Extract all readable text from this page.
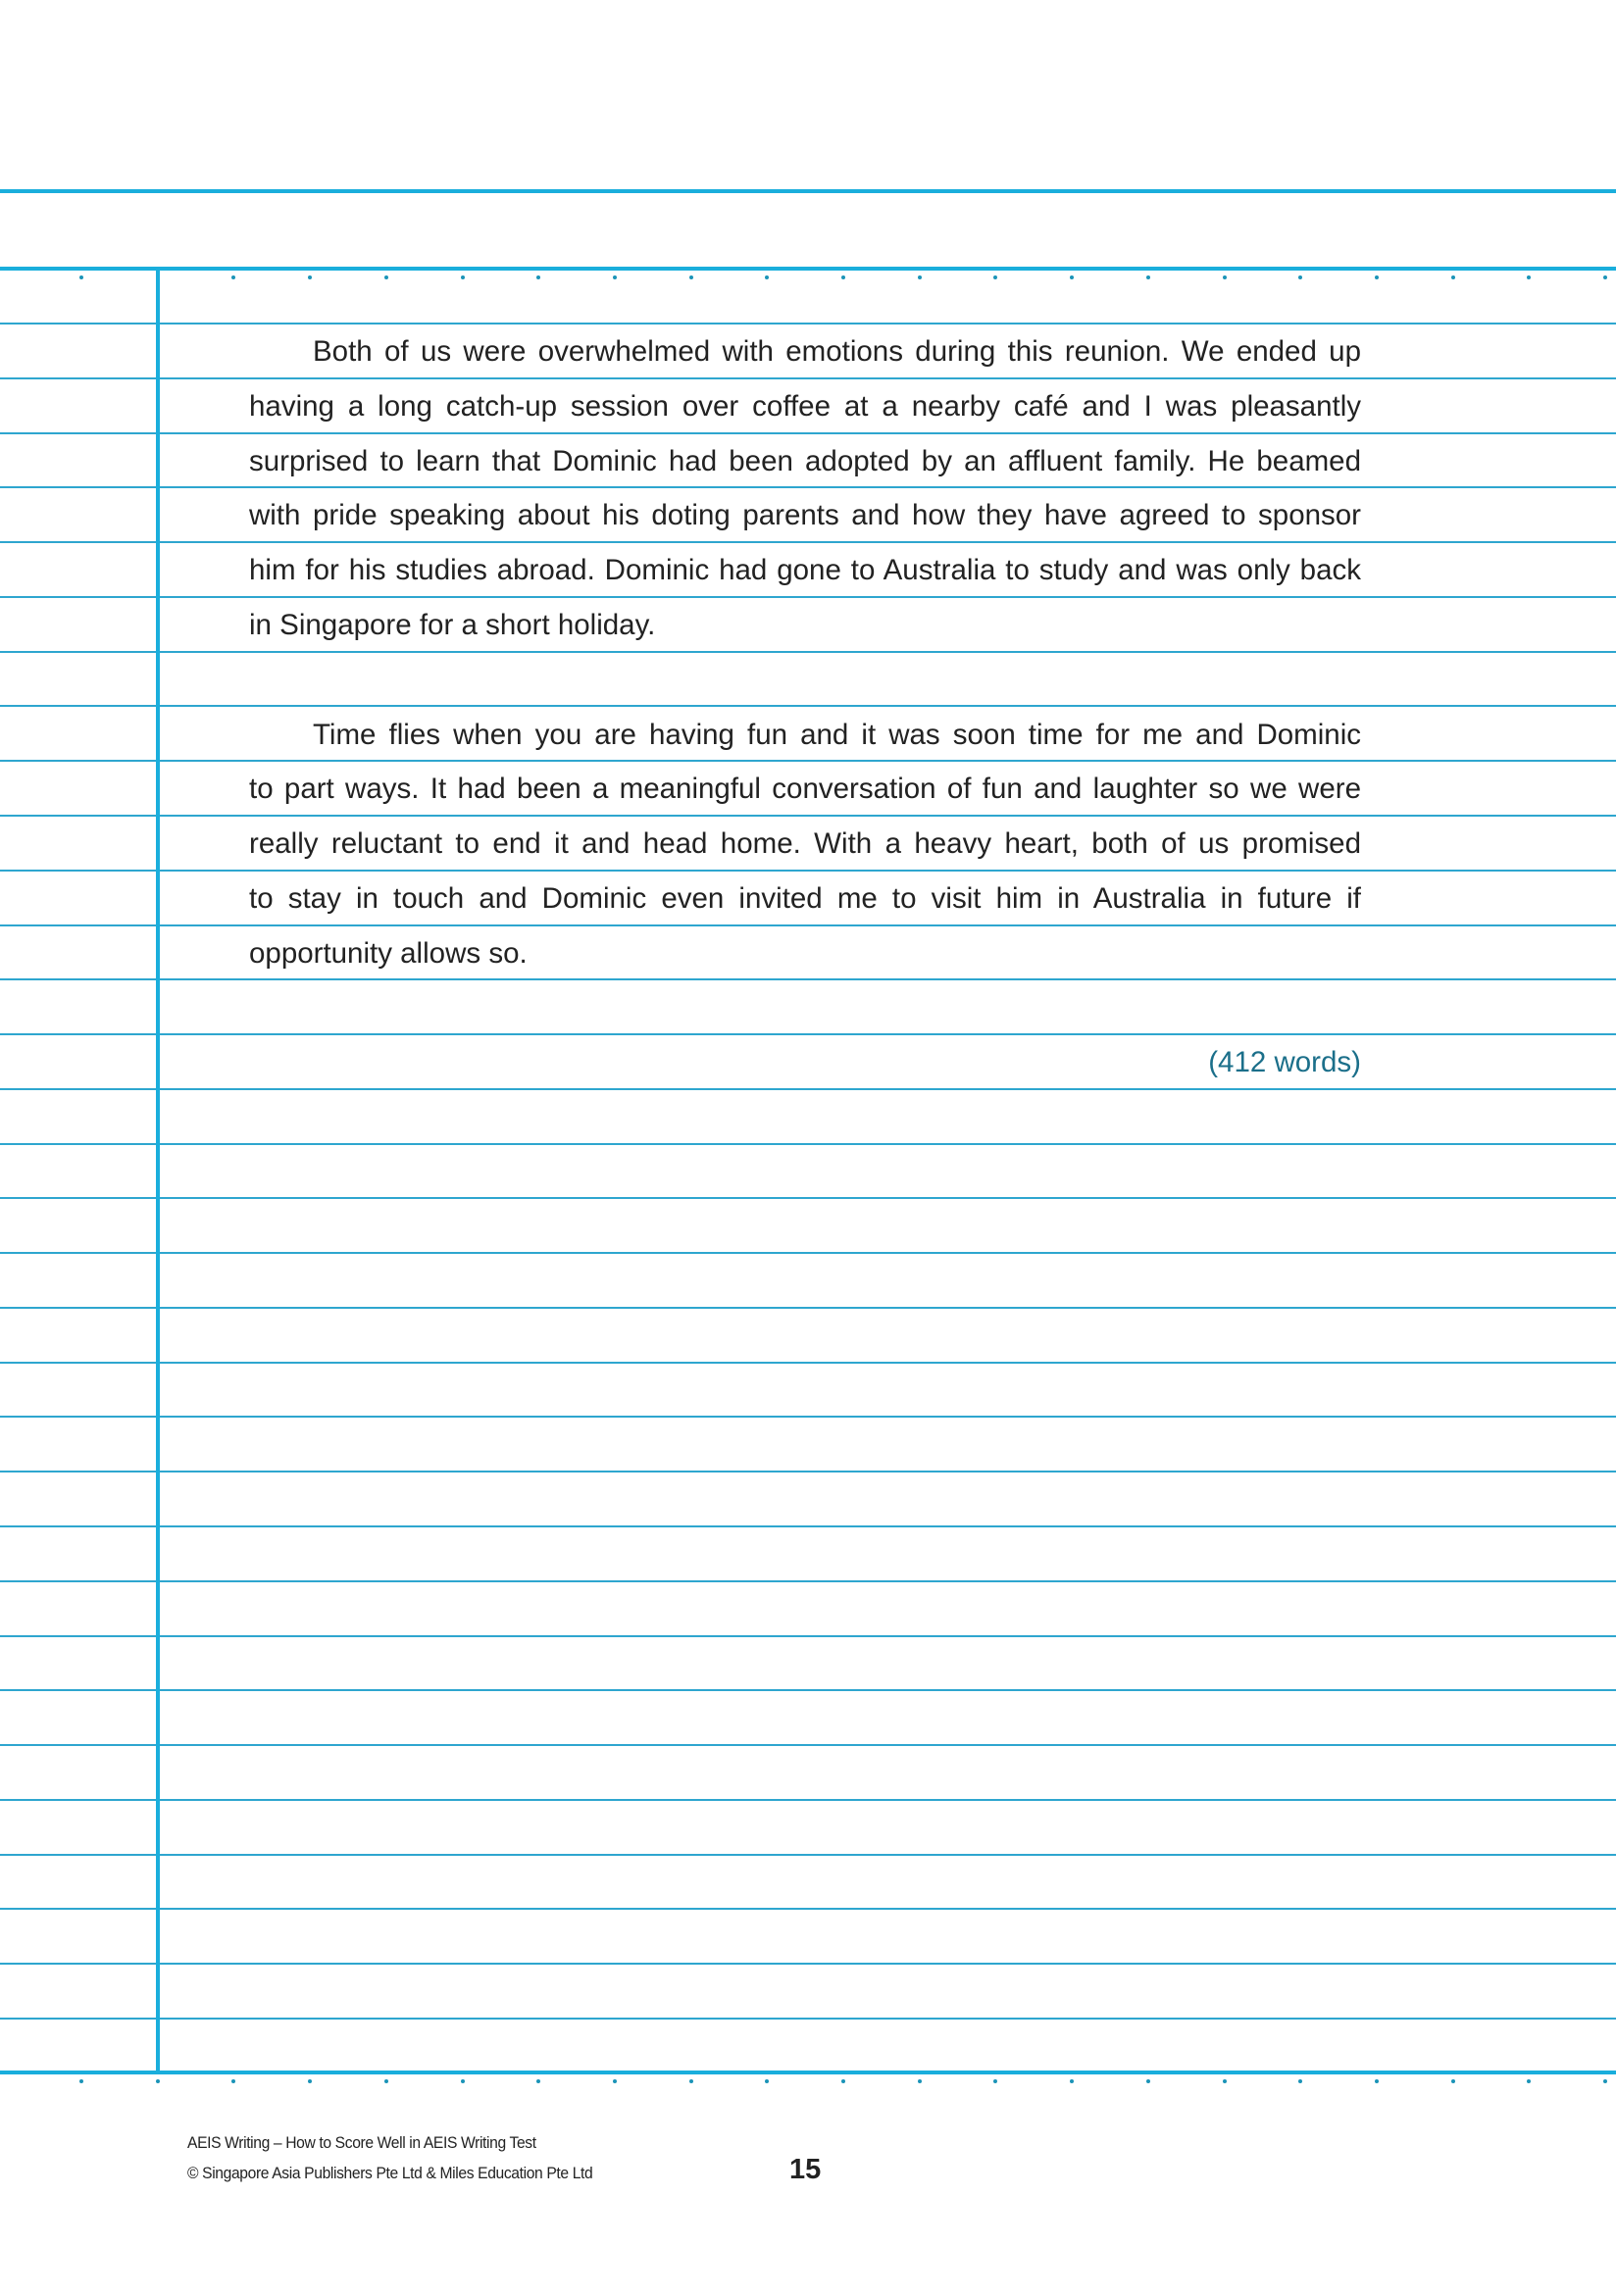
Both of us were overwhelmed with emotions during this reunion. We ended up
having a long catch-up session over coffee at a nearby café and I was pleasantly
surprised to learn that Dominic had been adopted by an affluent family. He beamed
with pride speaking about his doting parents and how they have agreed to sponsor
him for his studies abroad. Dominic had gone to Australia to study and was only back
in Singapore for a short holiday.
Time flies when you are having fun and it was soon time for me and Dominic
to part ways. It had been a meaningful conversation of fun and laughter so we were
really reluctant to end it and head home. With a heavy heart, both of us promised
to stay in touch and Dominic even invited me to visit him in Australia in future if
opportunity allows so.
(412 words)
AEIS Writing – How to Score Well in AEIS Writing Test
© Singapore Asia Publishers Pte Ltd & Miles Education Pte Ltd	15
